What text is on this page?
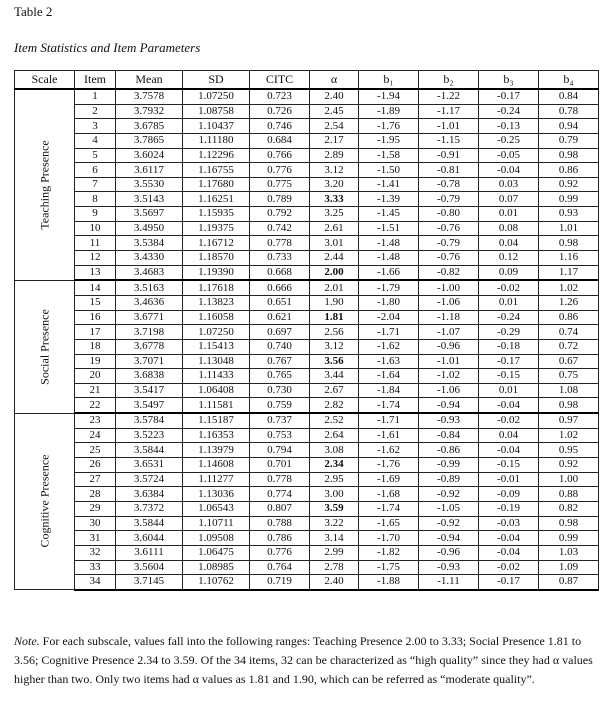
Table 2
Item Statistics and Item Parameters
Scale	Item	Mean	SD	CITC	α	b₁	b₂	b₃	b₄

Teaching Presence	1	3.7578	1.07250	0.723	2.40	-1.94	-1.22	-0.17	0.84
	2	3.7932	1.08758	0.726	2.45	-1.89	-1.17	-0.24	0.78
	3	3.6785	1.10437	0.746	2.54	-1.76	-1.01	-0.13	0.94
	4	3.7865	1.11180	0.684	2.17	-1.95	-1.15	-0.25	0.79
	5	3.6024	1.12296	0.766	2.89	-1.58	-0.91	-0.05	0.98
	6	3.6117	1.16755	0.776	3.12	-1.50	-0.81	-0.04	0.86
	7	3.5530	1.17680	0.775	3.20	-1.41	-0.78	0.03	0.92
	8	3.5143	1.16251	0.789	3.33	-1.39	-0.79	0.07	0.99
	9	3.5697	1.15935	0.792	3.25	-1.45	-0.80	0.01	0.93
	10	3.4950	1.19375	0.742	2.61	-1.51	-0.76	0.08	1.01
	11	3.5384	1.16712	0.778	3.01	-1.48	-0.79	0.04	0.98
	12	3.4330	1.18570	0.733	2.44	-1.48	-0.76	0.12	1.16
	13	3.4683	1.19390	0.668	2.00	-1.66	-0.82	0.09	1.17

Social Presence	14	3.5163	1.17618	0.666	2.01	-1.79	-1.00	-0.02	1.02
	15	3.4636	1.13823	0.651	1.90	-1.80	-1.06	0.01	1.26
	16	3.6771	1.16058	0.621	1.81	-2.04	-1.18	-0.24	0.86
	17	3.7198	1.07250	0.697	2.56	-1.71	-1.07	-0.29	0.74
	18	3.6778	1.15413	0.740	3.12	-1.62	-0.96	-0.18	0.72
	19	3.7071	1.13048	0.767	3.56	-1.63	-1.01	-0.17	0.67
	20	3.6838	1.11433	0.765	3.44	-1.64	-1.02	-0.15	0.75
	21	3.5417	1.06408	0.730	2.67	-1.84	-1.06	0.01	1.08
	22	3.5497	1.11581	0.759	2.82	-1.74	-0.94	-0.04	0.98

Cognitive Presence	23	3.5784	1.15187	0.737	2.52	-1.71	-0.93	-0.02	0.97
	24	3.5223	1.16353	0.753	2.64	-1.61	-0.84	0.04	1.02
	25	3.5844	1.13979	0.794	3.08	-1.62	-0.86	-0.04	0.95
	26	3.6531	1.14608	0.701	2.34	-1.76	-0.99	-0.15	0.92
	27	3.5724	1.11277	0.778	2.95	-1.69	-0.89	-0.01	1.00
	28	3.6384	1.13036	0.774	3.00	-1.68	-0.92	-0.09	0.88
	29	3.7372	1.06543	0.807	3.59	-1.74	-1.05	-0.19	0.82
	30	3.5844	1.10711	0.788	3.22	-1.65	-0.92	-0.03	0.98
	31	3.6044	1.09508	0.786	3.14	-1.70	-0.94	-0.04	0.99
	32	3.6111	1.06475	0.776	2.99	-1.82	-0.96	-0.04	1.03
	33	3.5604	1.08985	0.764	2.78	-1.75	-0.93	-0.02	1.09
	34	3.7145	1.10762	0.719	2.40	-1.88	-1.11	-0.17	0.87
Note. For each subscale, values fall into the following ranges: Teaching Presence 2.00 to 3.33; Social Presence 1.81 to 3.56; Cognitive Presence 2.34 to 3.59. Of the 34 items, 32 can be characterized as “high quality” since they had α values higher than two. Only two items had α values as 1.81 and 1.90, which can be referred as “moderate quality”.
